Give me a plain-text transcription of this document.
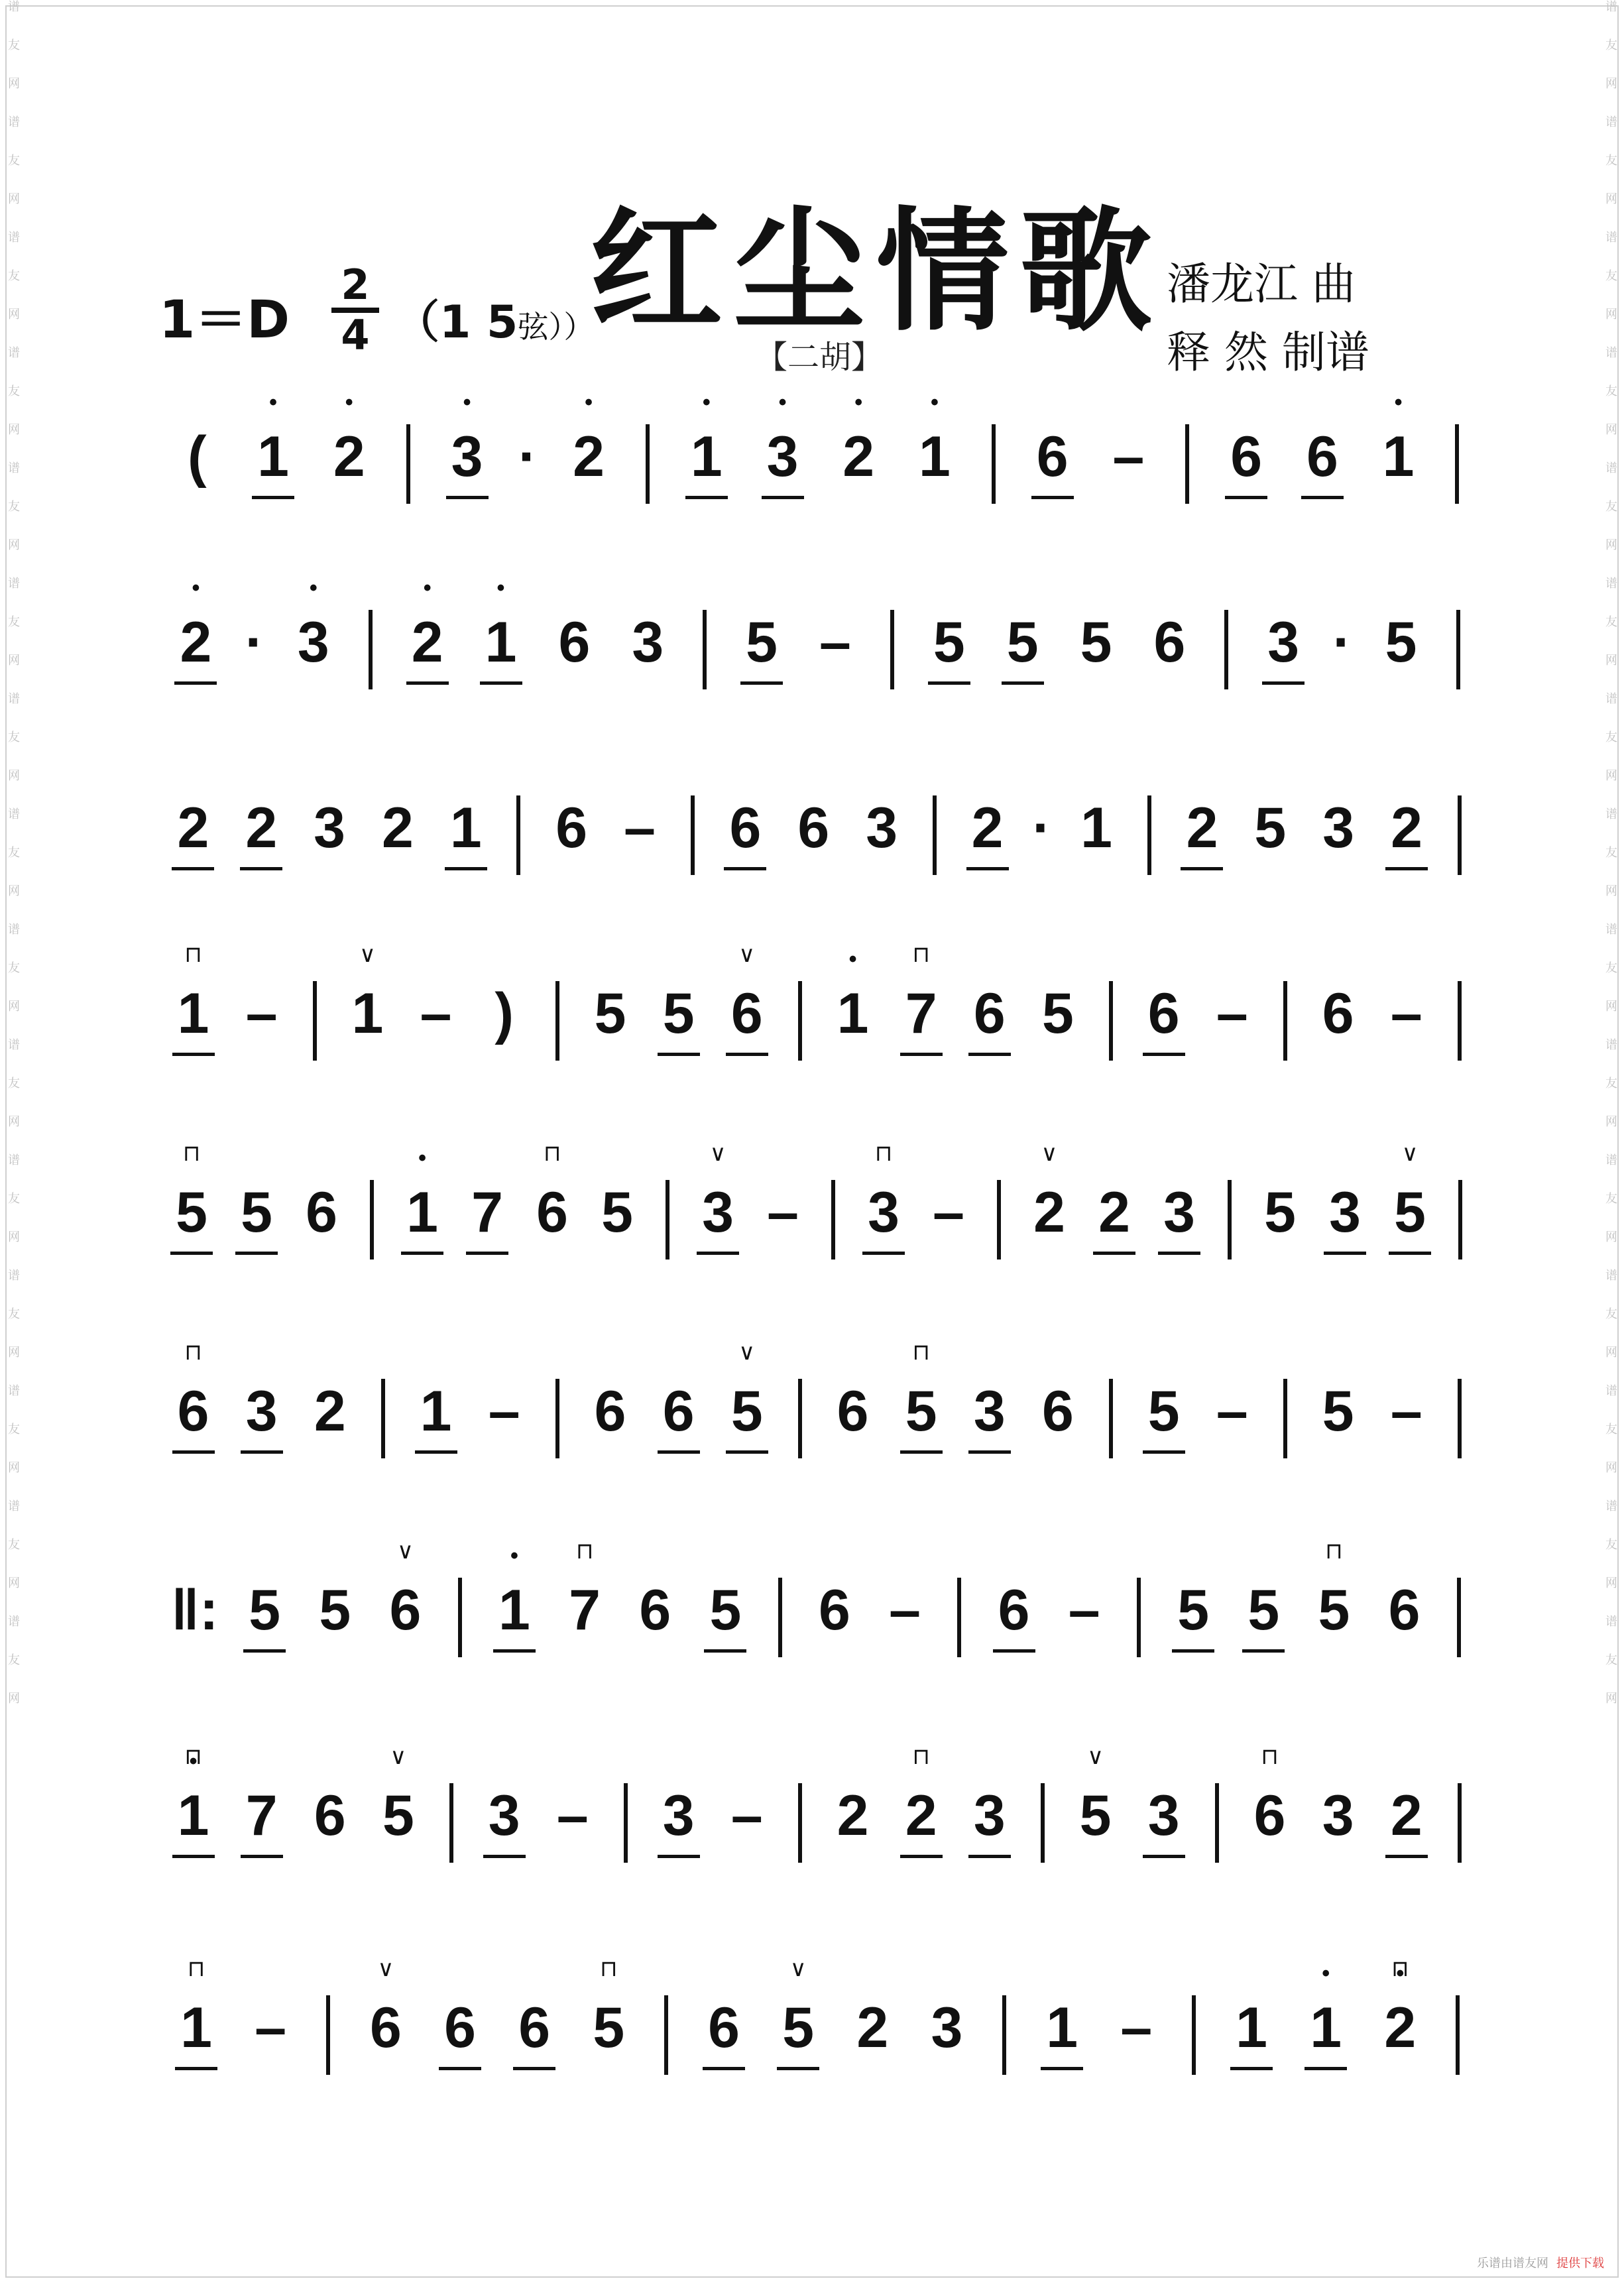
谱友网谱友网谱友网谱友网谱友网谱友网谱友网谱友网谱友网谱友网谱友网谱友网谱友网谱友网谱友网	谱友网谱友网谱友网谱友网谱友网谱友网谱友网谱友网谱友网谱友网谱友网谱友网谱友网谱友网谱友网
红尘情歌
【二胡】
潘龙江 曲
释 然 制谱
1＝D
2
4 （1 5弦））
( • 1 • 2 • 3 · • 2 • 1 • 3 • 2 • 1 6 – 6 6 • 1
• 2 · • 3 • 2 • 1 6 3 5 – 5 5 5 6 3 · 5
2 2 3 2 1 6 – 6 6 3 2 · 1 2 5 3 2
1
⊓
– 1
∨
– ) 5 5 6
∨
• 1 7
⊓
6 5 6 – 6 –
5
⊓
5 6 • 1 7 6
⊓
5 3
∨
– 3
⊓
– 2
∨
2 3 5 3 5
∨
6
⊓
3 2 1 – 6 6 5
∨
6 5
⊓
3 6 5 – 5 –
‖: 5 5 6
∨
• 1 7
⊓
6 5 6 – 6 – 5 5 5
⊓
6
• 1
⊓
7 6 5
∨
3 – 3 – 2 2
⊓
3 5
∨
3 6
⊓
3 2
1
⊓
– 6
∨
6 6 5
⊓
6 5
∨
2 3 1 – 1 • 1 • 2
⊓
乐谱由谱友网 提供下载
